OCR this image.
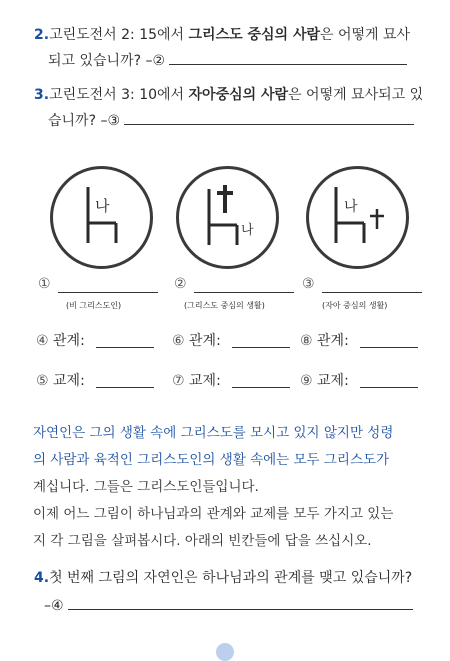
2.고린도전서 2: 15에서 그리스도 중심의 사람은 어떻게 묘사
되고 있습니까? –②
3.고린도전서 3: 10에서 자아중심의 사람은 어떻게 묘사되고 있
습니까? –③
나
나
나
①
(비 그리스도인)
②
(그리스도 중심의 생활)
③
(자아 중심의 생활)
④ 관계:	⑥ 관계:	⑧ 관계:
⑤ 교제:	⑦ 교제:	⑨ 교제:
자연인은 그의 생활 속에 그리스도를 모시고 있지 않지만 성령
의 사람과 육적인 그리스도인의 생활 속에는 모두 그리스도가
계십니다. 그들은 그리스도인들입니다.
이제 어느 그림이 하나님과의 관계와 교제를 모두 가지고 있는
지 각 그림을 살펴봅시다. 아래의 빈칸들에 답을 쓰십시오.
4.첫 번째 그림의 자연인은 하나님과의 관계를 맺고 있습니까?
–④
